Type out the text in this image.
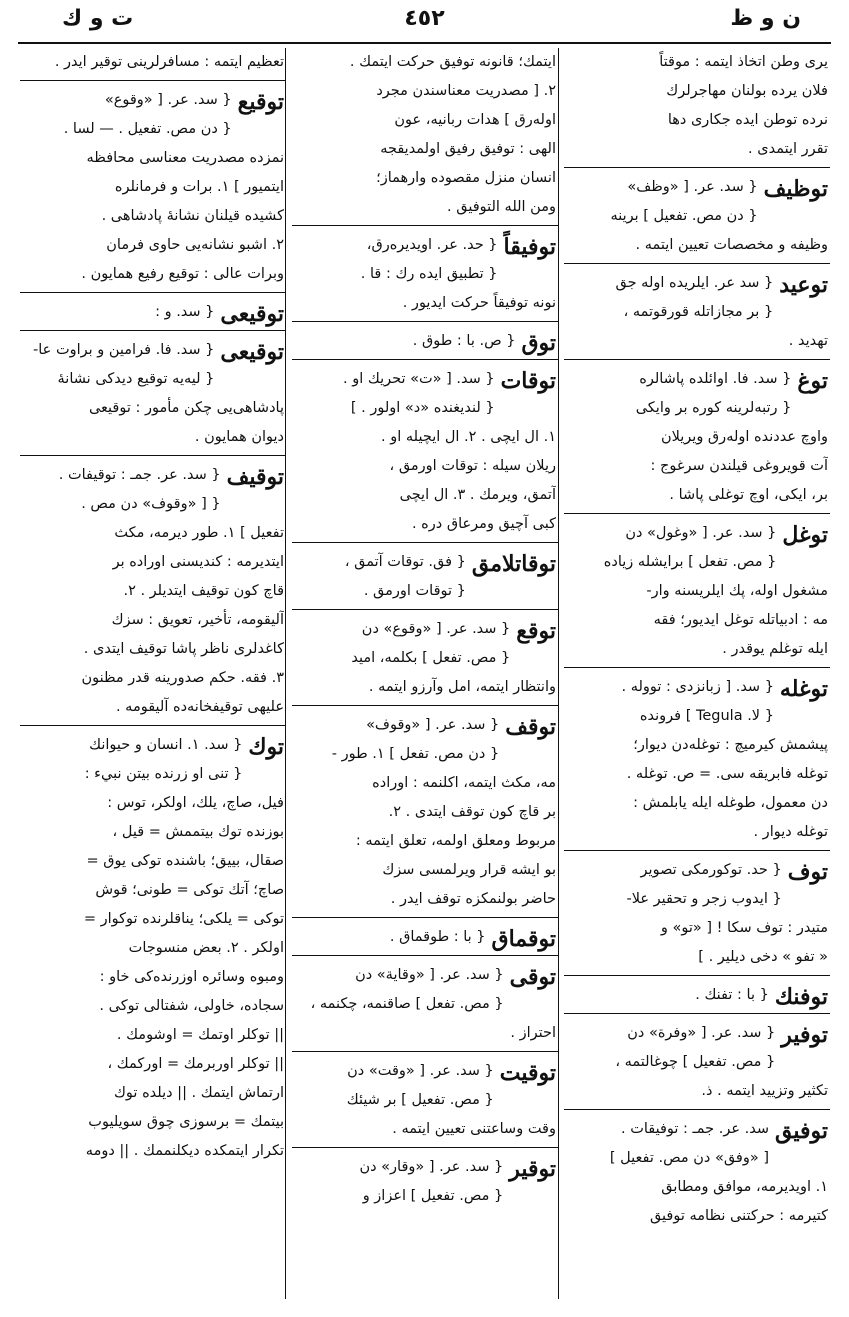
ن و ظ
٤٥٢
ت و ك
يرى وطن اتخاذ ايتمه : موقتاً
فلان يرده بولنان مهاجرلرك
نرده توطن ايده جكارى دها
تقرر ايتمدى .
توظيف
{ سد. عر. [ «وظف»
{ دن مص. تفعيل ] برينه
وظيفه و مخصصات تعيين ايتمه .
توعيد
{ سد عر. ايلريده اوله جق
{ بر مجازاتله قورقوتمه ،
تهديد .
توغ
{ سد. فا. اوائلده پاشالره
{ رتبه‌لرينه كوره بر وايكى
واوچ عددنده اوله‌رق ويريلان
آت قويروغى قيلندن سرغوج :
بر، ايكى، اوچ توغلى پاشا .
توغل
{ سد. عر. [ «وغول» دن
{ مص. تفعل ] برايشله زياده
مشغول اوله، پك ايلريسنه وار-
مه : ادبياتله توغل ايديور؛ فقه
ايله توغلم يوقدر .
توغله
{ سد. [ زبانزدى : تووله .
{ لا. Tegula ] فرونده
پيشمش كيرميچ : توغله‌دن ديوار؛
توغله فابريقه سى. = ص. توغله .
دن معمول، طوغله ايله يابلمش :
توغله ديوار .
توف
{ حد. توكورمكى تصوير
{ ايدوب زجر و تحقير علا-
متيدر : توف سكا ! [ «تو» و
« تفو » دخى ديلير . ]
توفنك
{ با : تفنك .
توفير
{ سد. عر. [ «وفرة» دن
{ مص. تفعيل ] چوغالتمه ،
تكثير وتزييد ايتمه . ذ.
توفيق
سد. عر. جمـ : توفيقات .
[ «وفق» دن مص. تفعيل ]
١. اويديرمه، موافق ومطابق
كتيرمه : حركتنى نظامه توفيق
ايتمك؛ قانونه توفيق حركت ايتمك .
٢. [ مصدريت معناسندن مجرد
اوله‌رق ] هدات ربانيه، عون
الهى : توفيق رفيق اولمديقجه
انسان منزل مقصوده وارهماز؛
ومن الله التوفيق .
توفيقاً
{ حد. عر. اويديره‌رق،
{ تطبيق ايده رك : قا .
نونه توفيقاً حركت ايديور .
توق
{ ص. با : طوق .
توقات
{ سد. [ «ت» تحريك او .
{ لنديغنده «د» اولور . ]
١. ال ايچى . ٢. ال ايچيله او .
ريلان سيله : توقات اورمق ،
آتمق، ويرمك . ٣. ال ايچى
كبى آچيق ومرعاق دره .
توقاتلامق
{ فق. توقات آتمق ،
{ توقات اورمق .
توقع
{ سد. عر. [ «وقوع» دن
{ مص. تفعل ] بكلمه، اميد
وانتظار ايتمه، امل وآرزو ايتمه .
توقف
{ سد. عر. [ «وقوف»
{ دن مص. تفعل ] ١. طور -
مه، مكث ايتمه، اكلنمه : اوراده
بر قاچ كون توقف ايتدى . ٢.
مربوط ومعلق اولمه، تعلق ايتمه :
بو ايشه قرار ويرلمسى سزك
حاضر بولنمكزه توقف ايدر .
توقماق
{ با : طوقماق .
توقى
{ سد. عر. [ «وقاية» دن
{ مص. تفعل ] صاقنمه، چكنمه ،
احتراز .
توقيت
{ سد. عر. [ «وقت» دن
{ مص. تفعيل ] بر شيئك
وقت وساعتنى تعيين ايتمه .
توقير
{ سد. عر. [ «وقار» دن
{ مص. تفعيل ] اعزاز و
تعظيم ايتمه : مسافرلرينى توقير ايدر .
توقيع
{ سد. عر. [ «وقوع»
{ دن مص. تفعيل . — لسا .
نمزده مصدريت معناسى محافظه
ايتميور ] ١. برات و فرمانلره
كشيده قيلنان نشانۀ پادشاهى .
٢. اشبو نشانه‌يى حاوى فرمان
وبرات عالى : توقيع رفيع همايون .
توقيعى
{ سد. و :
توقيعى
{ سد. فا. فرامين و براوت عا-
{ ليه‌يه توقيع ديدكى نشانۀ
پادشاهى‌يى چكن مأمور : توقيعى
ديوان همايون .
توقيف
{ سد. عر. جمـ : توقيفات .
{ [ «وقوف» دن مص .
تفعيل ] ١. طور ديرمه، مكث
ايتديرمه : كنديسنى اوراده بر
قاچ كون توقيف ايتديلر . ٢.
آليقومه، تأخير، تعويق : سزك
كاغدلرى ناظر پاشا توقيف ايتدى .
٣. فقه. حكم صدورينه قدر مظنون
عليهى توقيفخانه‌ده آليقومه .
توك
{ سد. ١. انسان و حيوانك
{ تنى او زرنده بيتن نبيء :
فيل، صاچ، يلك، اولكر، توس :
بوزنده توك بيتممش = قيل ،
صقال، بييق؛ باشنده توكى يوق =
صاچ؛ آتك توكى = طونى؛ قوش
توكى = يلكى؛ يناقلرنده توكوار =
اولكر . ٢. بعض منسوجات
ومبوه وسائره اوزرنده‌كى خاو :
سجاده، خاولى، شفتالى توكى .
|| توكلر اوتمك = اوشومك .
|| توكلر اوربرمك = اوركمك ،
ارتماش ايتمك . || ديلده توك
بيتمك = برسوزى چوق سويليوب
تكرار ايتمكده ديكلنممك . || دومه
